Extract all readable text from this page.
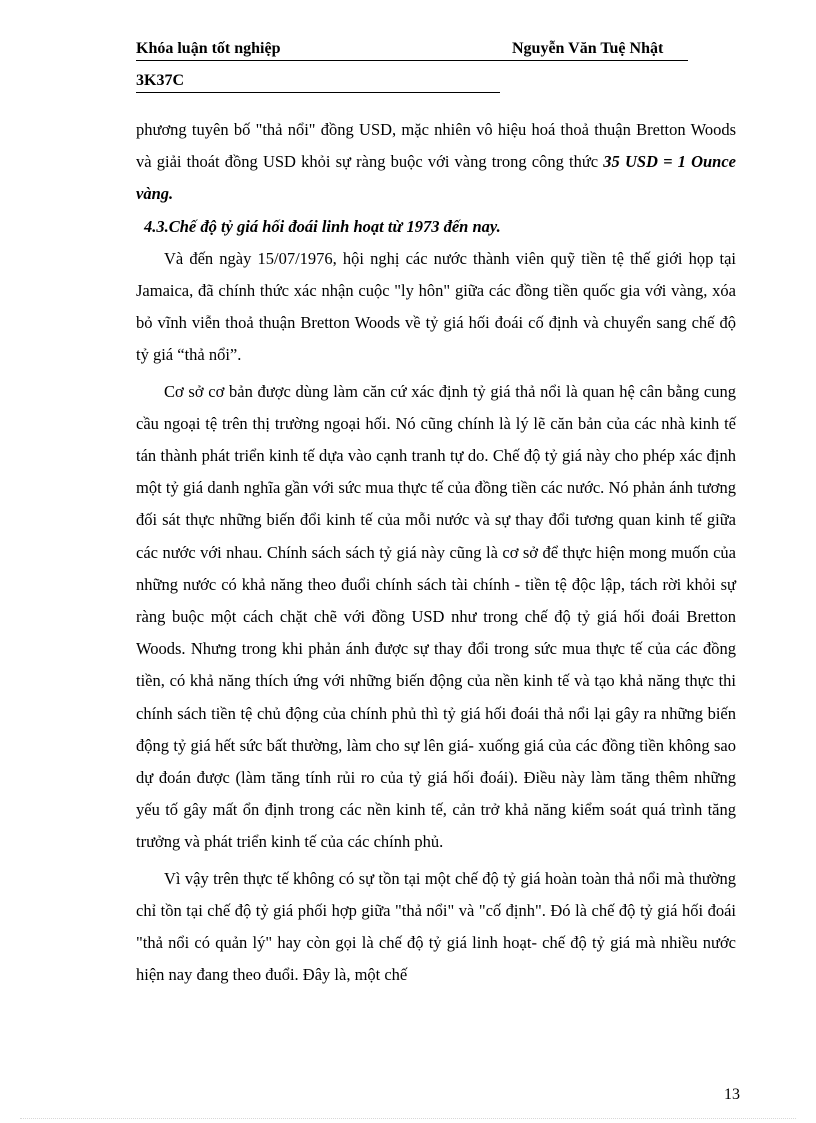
Khóa luận tốt nghiệp	Nguyễn Văn Tuệ Nhật
3K37C

phương tuyên bố "thả nổi" đồng USD, mặc nhiên vô hiệu hoá thoả thuận Bretton Woods và giải thoát đồng USD khỏi sự ràng buộc với vàng trong công thức 35 USD = 1 Ounce vàng.

4.3.Chế độ tỷ giá hối đoái linh hoạt từ 1973 đến nay.

Và đến ngày 15/07/1976, hội nghị các nước thành viên quỹ tiền tệ thế giới họp tại Jamaica, đã chính thức xác nhận cuộc "ly hôn" giữa các đồng tiền quốc gia với vàng, xóa bỏ vĩnh viễn thoả thuận Bretton Woods về tỷ giá hối đoái cố định và chuyển sang chế độ tỷ giá “thả nổi”.

Cơ sở cơ bản được dùng làm căn cứ xác định tỷ giá thả nổi là quan hệ cân bằng cung cầu ngoại tệ trên thị trường ngoại hối. Nó cũng chính là lý lẽ căn bản của các nhà kinh tế tán thành phát triển kinh tế dựa vào cạnh tranh tự do. Chế độ tỷ giá này cho phép xác định một tỷ giá danh nghĩa gần với sức mua thực tế của đồng tiền các nước. Nó phản ánh tương đối sát thực những biến đổi kinh tế của mỗi nước và sự thay đổi tương quan kinh tế giữa các nước với nhau. Chính sách sách tỷ giá này cũng là cơ sở để thực hiện mong muốn của những nước có khả năng theo đuổi chính sách tài chính - tiền tệ độc lập, tách rời khỏi sự ràng buộc một cách chặt chẽ với đồng USD như trong chế độ tỷ giá hối đoái Bretton Woods. Nhưng trong khi phản ánh được sự thay đổi trong sức mua thực tế của các đồng tiền, có khả năng thích ứng với những biến động của nền kinh tế và tạo khả năng thực thi chính sách tiền tệ chủ động của chính phủ thì tỷ giá hối đoái thả nổi lại gây ra những biến động tỷ giá hết sức bất thường, làm cho sự lên giá- xuống giá của các đồng tiền không sao dự đoán được (làm tăng tính rủi ro của tỷ giá hối đoái). Điều này làm tăng thêm những yếu tố gây mất ổn định trong các nền kinh tế, cản trở khả năng kiểm soát quá trình tăng trưởng và phát triển kinh tế của các chính phủ.

Vì vậy trên thực tế không có sự tồn tại một chế độ tỷ giá hoàn toàn thả nổi mà thường chỉ tồn tại chế độ tỷ giá phối hợp giữa "thả nổi" và "cố định". Đó là chế độ tỷ giá hối đoái "thả nổi có quản lý" hay còn gọi là chế độ tỷ giá linh hoạt- chế độ tỷ giá mà nhiều nước hiện nay đang theo đuổi. Đây là, một chế

13
